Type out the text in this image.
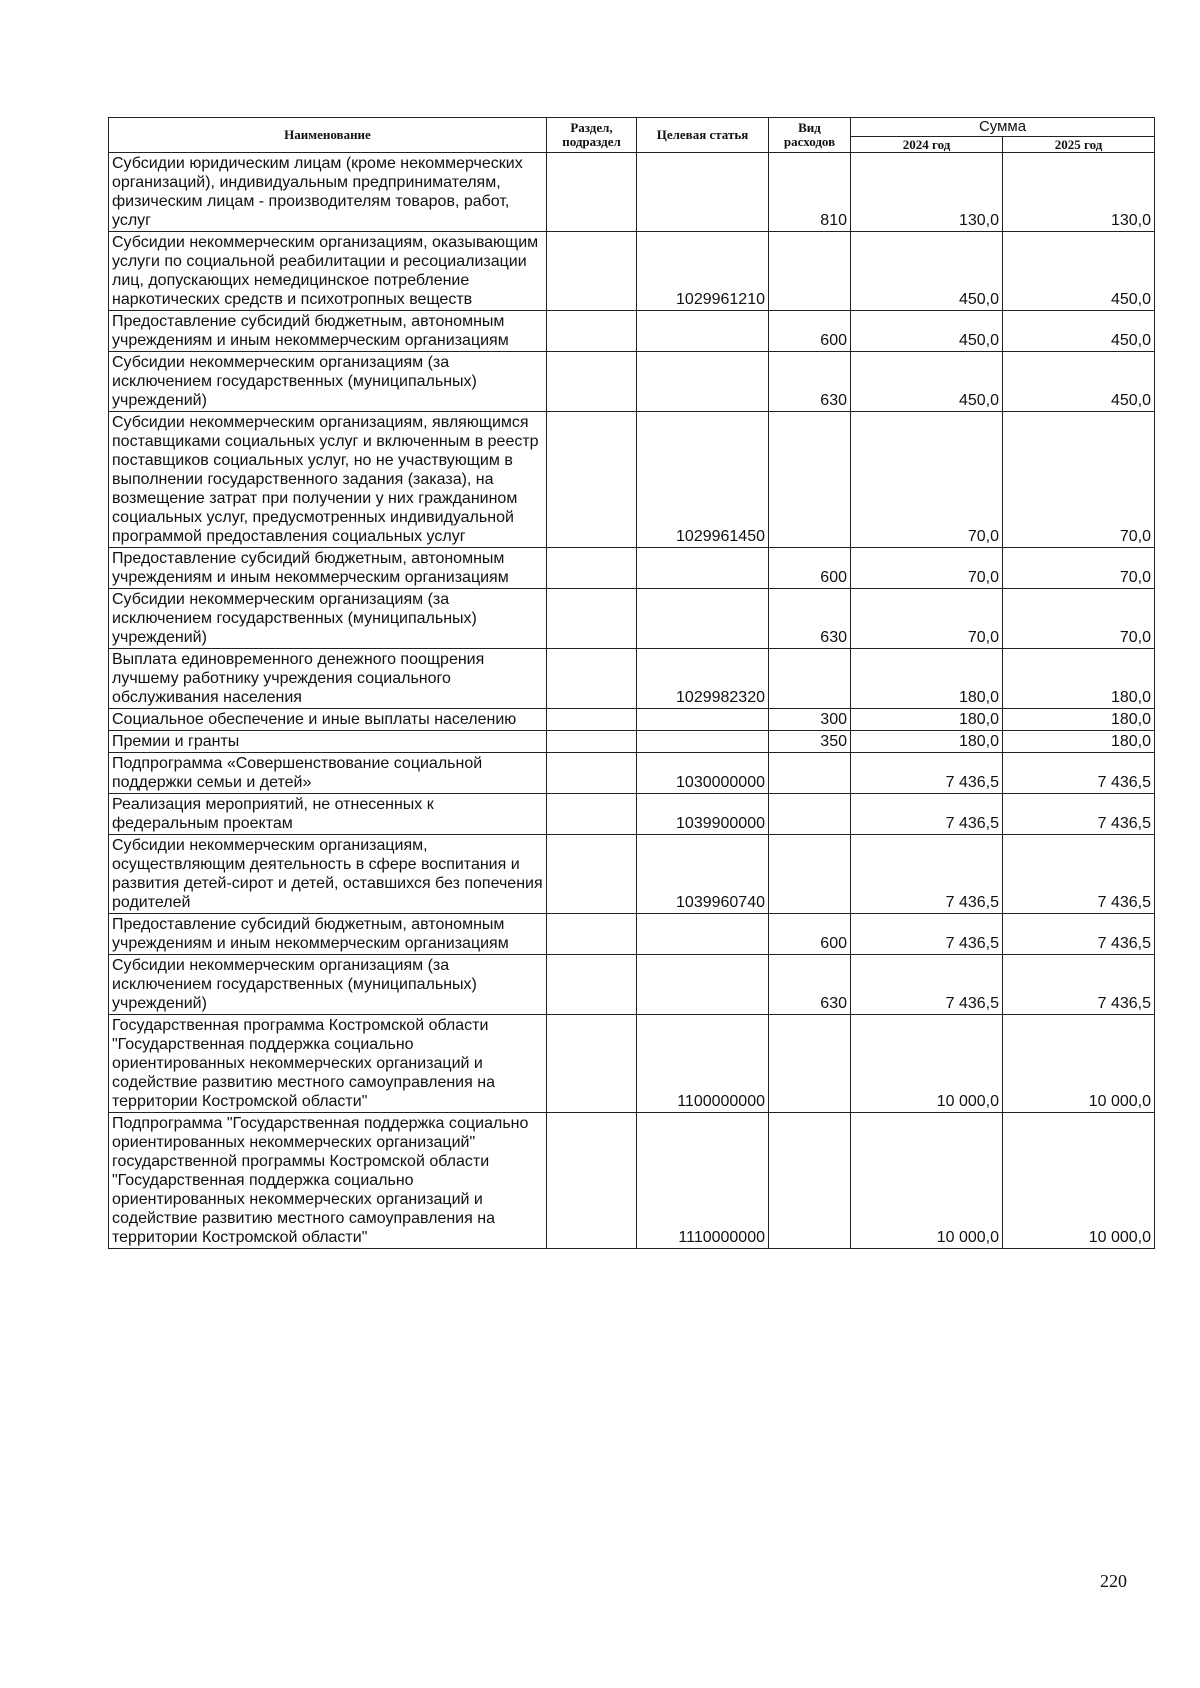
Наименование	Раздел, подраздел	Целевая статья	Вид расходов	Сумма	
				2024 год	2025 год
Субсидии юридическим лицам (кроме некоммерческих организаций), индивидуальным предпринимателям, физическим лицам - производителям товаров, работ, услуг			810	130,0	130,0
Субсидии некоммерческим организациям, оказывающим услуги по социальной реабилитации и ресоциализации лиц, допускающих немедицинское потребление наркотических средств и психотропных веществ		1029961210		450,0	450,0
Предоставление субсидий бюджетным, автономным учреждениям и иным некоммерческим организациям			600	450,0	450,0
Субсидии некоммерческим организациям (за исключением государственных (муниципальных) учреждений)			630	450,0	450,0
Субсидии некоммерческим организациям, являющимся поставщиками социальных услуг и включенным в реестр поставщиков социальных услуг, но не участвующим в выполнении государственного задания (заказа), на возмещение затрат при получении у них гражданином социальных услуг, предусмотренных индивидуальной программой предоставления социальных услуг		1029961450		70,0	70,0
Предоставление субсидий бюджетным, автономным учреждениям и иным некоммерческим организациям			600	70,0	70,0
Субсидии некоммерческим организациям (за исключением государственных (муниципальных) учреждений)			630	70,0	70,0
Выплата единовременного денежного поощрения лучшему работнику учреждения социального обслуживания населения		1029982320		180,0	180,0
Социальное обеспечение и иные выплаты населению			300	180,0	180,0
Премии и гранты			350	180,0	180,0
Подпрограмма «Совершенствование социальной поддержки семьи и детей»		1030000000		7 436,5	7 436,5
Реализация мероприятий, не отнесенных к федеральным проектам		1039900000		7 436,5	7 436,5
Субсидии некоммерческим организациям, осуществляющим деятельность в сфере воспитания и развития детей-сирот и детей, оставшихся без попечения родителей		1039960740		7 436,5	7 436,5
Предоставление субсидий бюджетным, автономным учреждениям и иным некоммерческим организациям			600	7 436,5	7 436,5
Субсидии некоммерческим организациям (за исключением государственных (муниципальных) учреждений)			630	7 436,5	7 436,5
Государственная программа Костромской области "Государственная поддержка социально ориентированных некоммерческих организаций и содействие развитию местного самоуправления на территории Костромской области"		1100000000		10 000,0	10 000,0
Подпрограмма "Государственная поддержка социально ориентированных некоммерческих организаций" государственной программы Костромской области "Государственная поддержка социально ориентированных некоммерческих организаций и содействие развитию местного самоуправления на территории Костромской области"		1110000000		10 000,0	10 000,0
220
